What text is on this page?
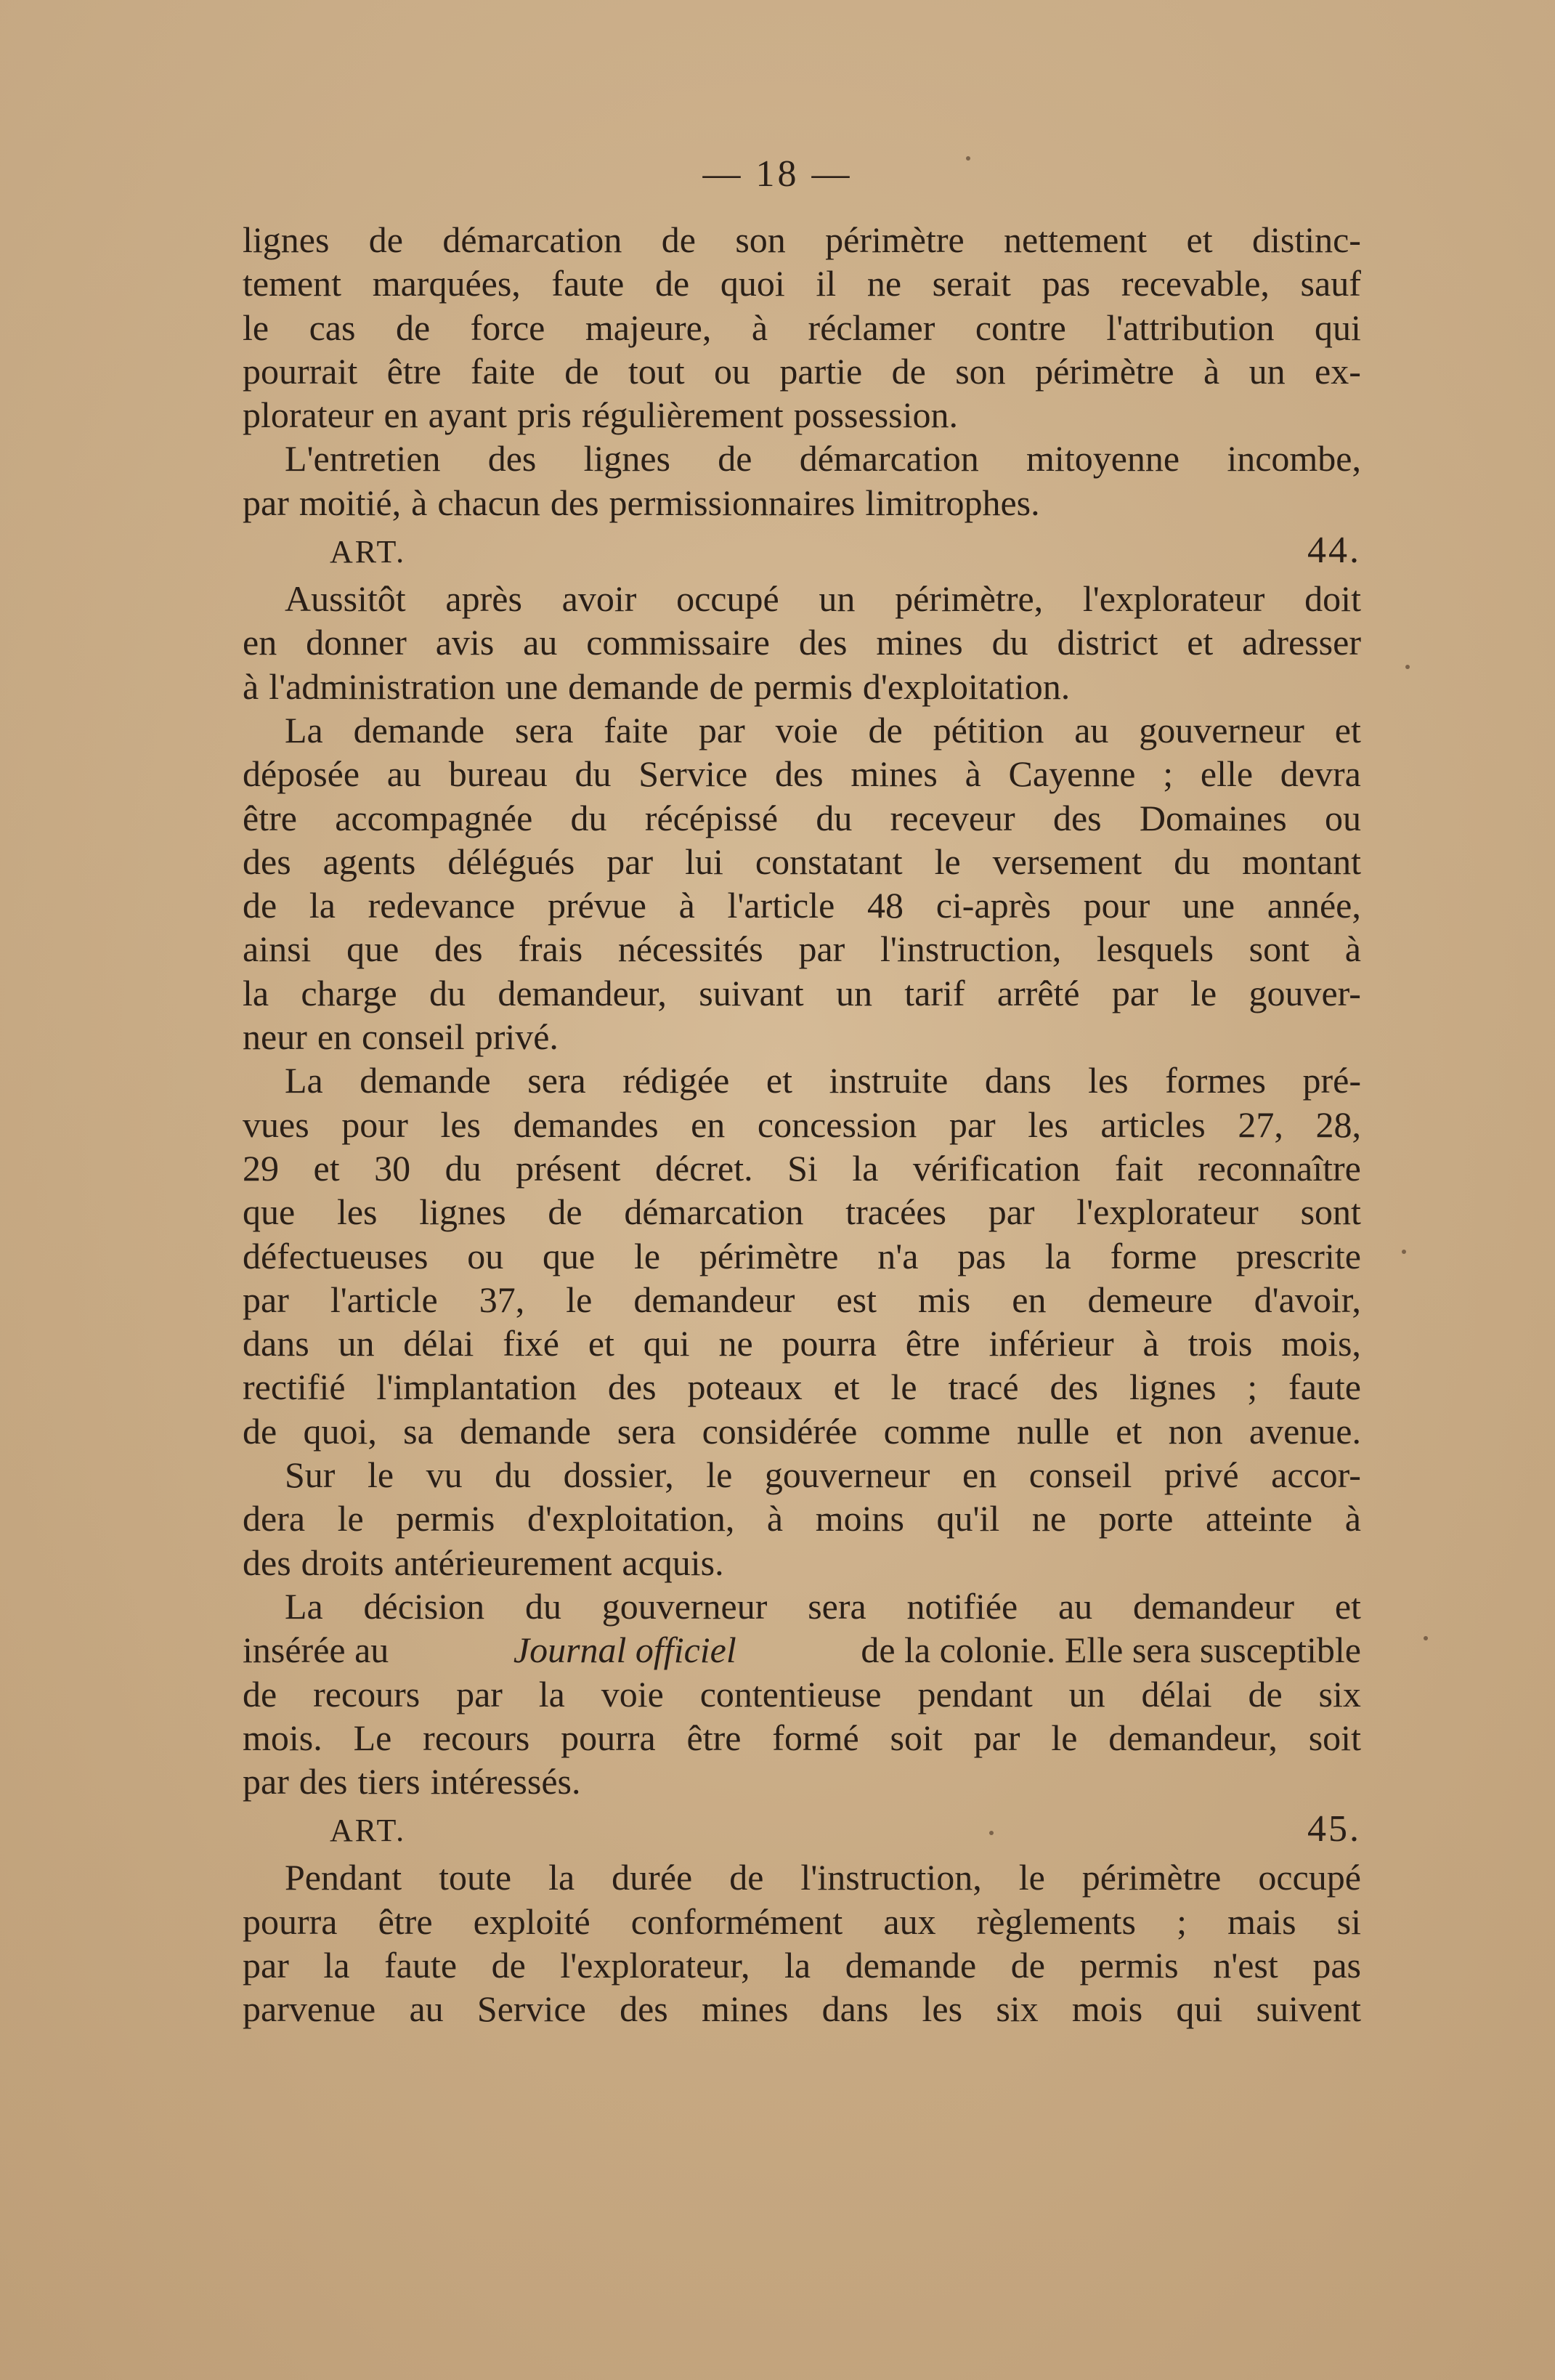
— 18 —
lignes de démarcation de son périmètre nettement et distinc-
tement marquées, faute de quoi il ne serait pas recevable, sauf
le cas de force majeure, à réclamer contre l'attribution qui
pourrait être faite de tout ou partie de son périmètre à un ex-
plorateur en ayant pris régulièrement possession.
L'entretien des lignes de démarcation mitoyenne incombe,
par moitié, à chacun des permissionnaires limitrophes.
ART.	44.
Aussitôt après avoir occupé un périmètre, l'explorateur doit
en donner avis au commissaire des mines du district et adresser
à l'administration une demande de permis d'exploitation.
La demande sera faite par voie de pétition au gouverneur et
déposée au bureau du Service des mines à Cayenne ; elle devra
être accompagnée du récépissé du receveur des Domaines ou
des agents délégués par lui constatant le versement du montant
de la redevance prévue à l'article 48 ci-après pour une année,
ainsi que des frais nécessités par l'instruction, lesquels sont à
la charge du demandeur, suivant un tarif arrêté par le gouver-
neur en conseil privé.
La demande sera rédigée et instruite dans les formes pré-
vues pour les demandes en concession par les articles 27, 28,
29 et 30 du présent décret. Si la vérification fait reconnaître
que les lignes de démarcation tracées par l'explorateur sont
défectueuses ou que le périmètre n'a pas la forme prescrite
par l'article 37, le demandeur est mis en demeure d'avoir,
dans un délai fixé et qui ne pourra être inférieur à trois mois,
rectifié l'implantation des poteaux et le tracé des lignes ; faute
de quoi, sa demande sera considérée comme nulle et non avenue.
Sur le vu du dossier, le gouverneur en conseil privé accor-
dera le permis d'exploitation, à moins qu'il ne porte atteinte à
des droits antérieurement acquis.
La décision du gouverneur sera notifiée au demandeur et
insérée au	Journal officiel	de la colonie. Elle sera susceptible
de recours par la voie contentieuse pendant un délai de six
mois. Le recours pourra être formé soit par le demandeur, soit
par des tiers intéressés.
ART.	45.
Pendant toute la durée de l'instruction, le périmètre occupé
pourra être exploité conformément aux règlements ; mais si
par la faute de l'explorateur, la demande de permis n'est pas
parvenue au Service des mines dans les six mois qui suivent
